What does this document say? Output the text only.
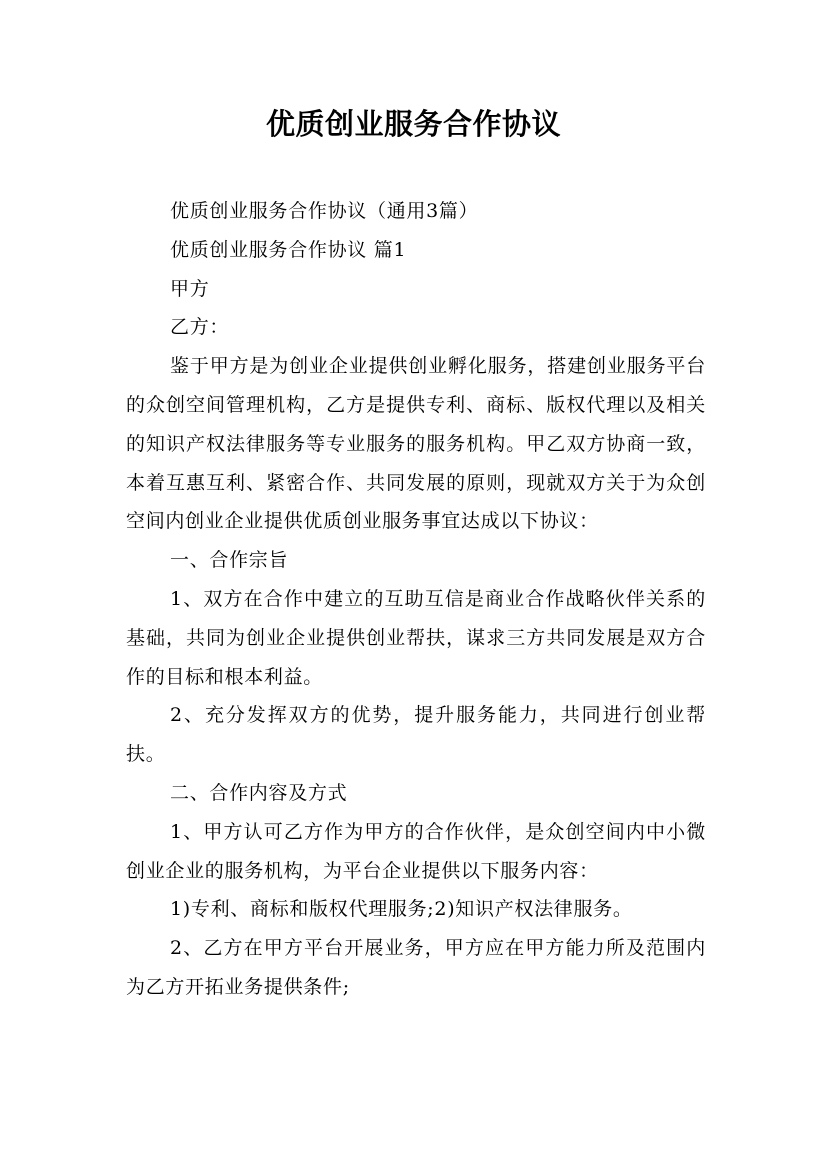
优质创业服务合作协议

优质创业服务合作协议（通用3篇）

优质创业服务合作协议 篇1

甲方

乙方：

鉴于甲方是为创业企业提供创业孵化服务，搭建创业服务平台的众创空间管理机构，乙方是提供专利、商标、版权代理以及相关的知识产权法律服务等专业服务的服务机构。甲乙双方协商一致，本着互惠互利、紧密合作、共同发展的原则，现就双方关于为众创空间内创业企业提供优质创业服务事宜达成以下协议：

一、合作宗旨

1、双方在合作中建立的互助互信是商业合作战略伙伴关系的基础，共同为创业企业提供创业帮扶，谋求三方共同发展是双方合作的目标和根本利益。

2、充分发挥双方的优势，提升服务能力，共同进行创业帮扶。

二、合作内容及方式

1、甲方认可乙方作为甲方的合作伙伴，是众创空间内中小微创业企业的服务机构，为平台企业提供以下服务内容：

1)专利、商标和版权代理服务;2)知识产权法律服务。

2、乙方在甲方平台开展业务，甲方应在甲方能力所及范围内为乙方开拓业务提供条件;
